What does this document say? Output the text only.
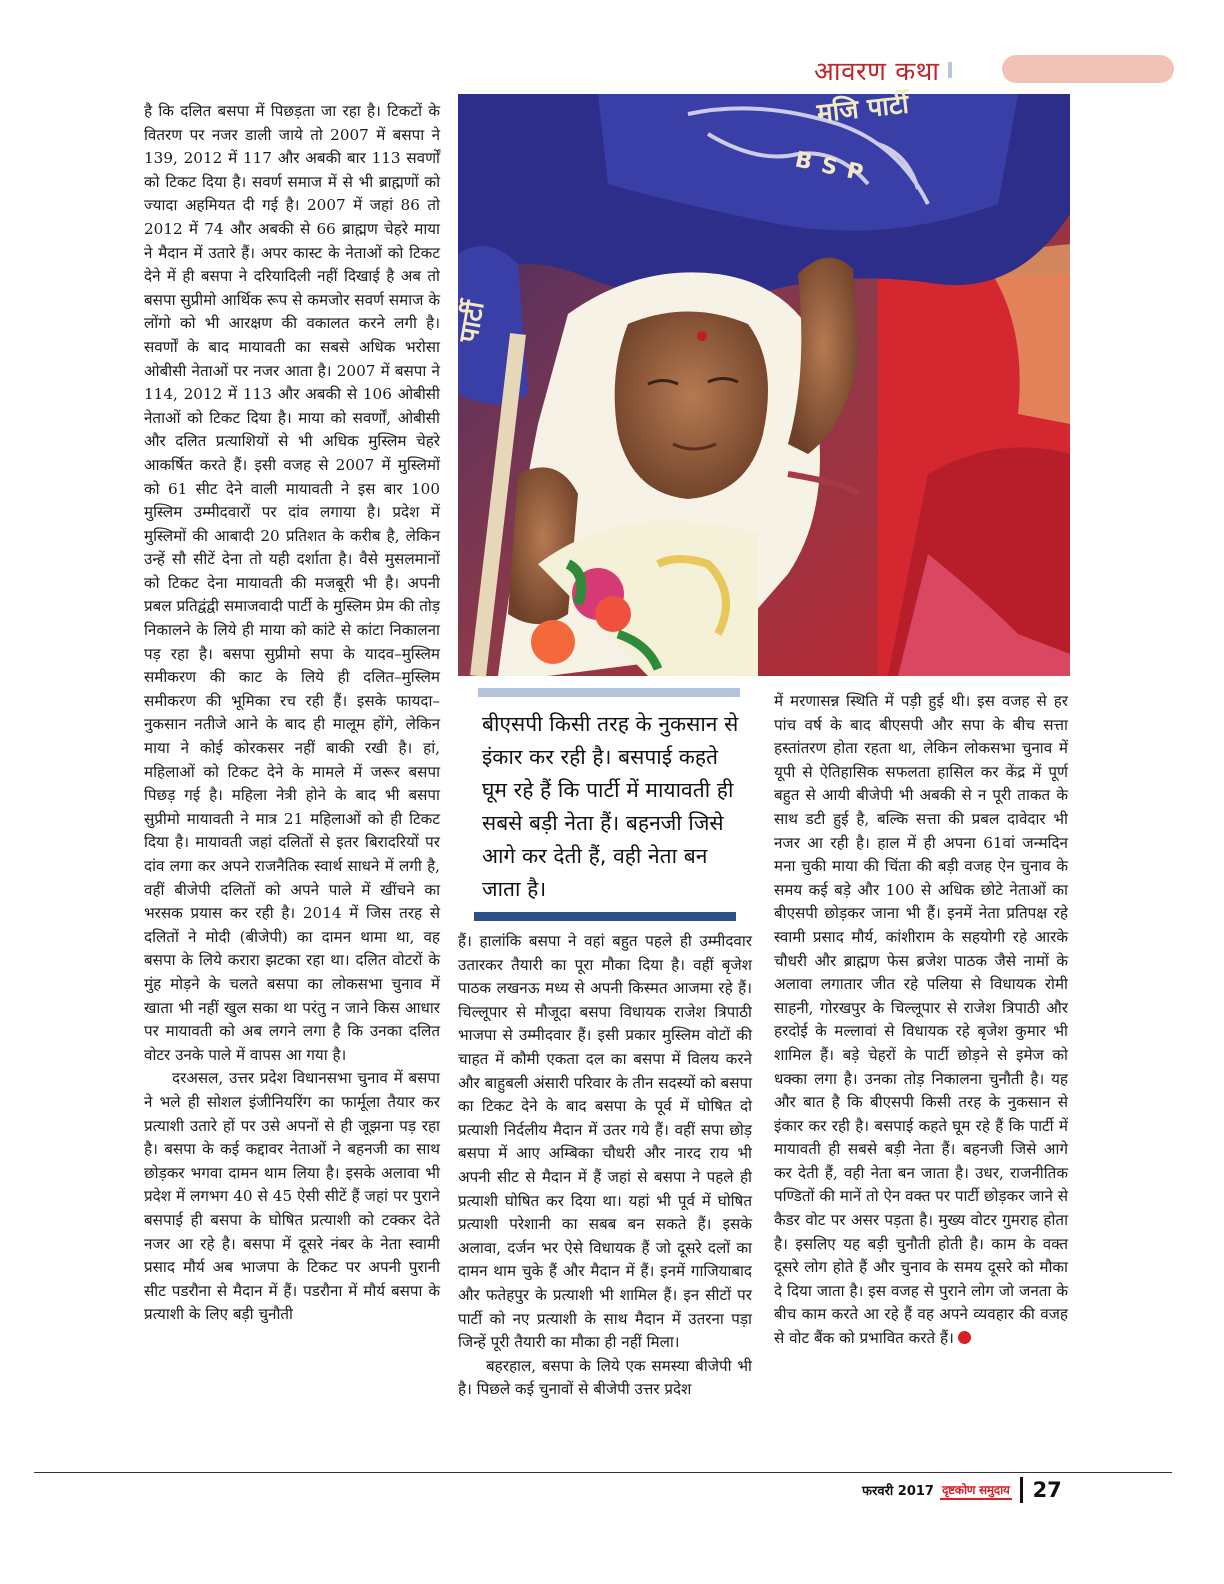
आवरण कथा

है कि दलित बसपा में पिछड़ता जा रहा है। टिकटों के वितरण पर नजर डाली जाये तो 2007 में बसपा ने 139, 2012 में 117 और अबकी बार 113 सवर्णों को टिकट दिया है। सवर्ण समाज में से भी ब्राह्मणों को ज्यादा अहमियत दी गई है। 2007 में जहां 86 तो 2012 में 74 और अबकी से 66 ब्राह्मण चेहरे माया ने मैदान में उतारे हैं। अपर कास्ट के नेताओं को टिकट देने में ही बसपा ने दरियादिली नहीं दिखाई है अब तो बसपा सुप्रीमो आर्थिक रूप से कमजोर सवर्ण समाज के लोंगो को भी आरक्षण की वकालत करने लगी है। सवर्णों के बाद मायावती का सबसे अधिक भरोसा ओबीसी नेताओं पर नजर आता है। 2007 में बसपा ने 114, 2012 में 113 और अबकी से 106 ओबीसी नेताओं को टिकट दिया है। माया को सवर्णों, ओबीसी और दलित प्रत्याशियों से भी अधिक मुस्लिम चेहरे आकर्षित करते हैं। इसी वजह से 2007 में मुस्लिमों को 61 सीट देने वाली मायावती ने इस बार 100 मुस्लिम उम्मीदवारों पर दांव लगाया है। प्रदेश में मुस्लिमों की आबादी 20 प्रतिशत के करीब है, लेकिन उन्हें सौ सीटें देना तो यही दर्शाता है। वैसे मुसलमानों को टिकट देना मायावती की मजबूरी भी है। अपनी प्रबल प्रतिद्वंद्वी समाजवादी पार्टी के मुस्लिम प्रेम की तोड़ निकालने के लिये ही माया को कांटे से कांटा निकालना पड़ रहा है। बसपा सुप्रीमो सपा के यादव–मुस्लिम समीकरण की काट के लिये ही दलित–मुस्लिम समीकरण की भूमिका रच रही हैं। इसके फायदा–नुकसान नतीजे आने के बाद ही मालूम होंगे, लेकिन माया ने कोई कोरकसर नहीं बाकी रखी है। हां, महिलाओं को टिकट देने के मामले में जरूर बसपा पिछड़ गई है। महिला नेत्री होने के बाद भी बसपा सुप्रीमो मायावती ने मात्र 21 महिलाओं को ही टिकट दिया है। मायावती जहां दलितों से इतर बिरादरियों पर दांव लगा कर अपने राजनैतिक स्वार्थ साधने में लगी है, वहीं बीजेपी दलितों को अपने पाले में खींचने का भरसक प्रयास कर रही है। 2014 में जिस तरह से दलितों ने मोदी (बीजेपी) का दामन थामा था, वह बसपा के लिये करारा झटका रहा था। दलित वोटरों के मुंह मोड़ने के चलते बसपा का लोकसभा चुनाव में खाता भी नहीं खुल सका था परंतु न जाने किस आधार पर मायावती को अब लगने लगा है कि उनका दलित वोटर उनके पाले में वापस आ गया है।

दरअसल, उत्तर प्रदेश विधानसभा चुनाव में बसपा ने भले ही सोशल इंजीनियरिंग का फार्मूला तैयार कर प्रत्याशी उतारे हों पर उसे अपनों से ही जूझना पड़ रहा है। बसपा के कई कद्दावर नेताओं ने बहनजी का साथ छोड़कर भगवा दामन थाम लिया है। इसके अलावा भी प्रदेश में लगभग 40 से 45 ऐसी सीटें हैं जहां पर पुराने बसपाई ही बसपा के घोषित प्रत्याशी को टक्कर देते नजर आ रहे है। बसपा में दूसरे नंबर के नेता स्वामी प्रसाद मौर्य अब भाजपा के टिकट पर अपनी पुरानी सीट पडरौना से मैदान में हैं। पडरौना में मौर्य बसपा के प्रत्याशी के लिए बड़ी चुनौती

BSP
मजि पार्टी
पार्टी
बीएसपी किसी तरह के नुकसान से इंकार कर रही है। बसपाई कहते घूम रहे हैं कि पार्टी में मायावती ही सबसे बड़ी नेता हैं। बहनजी जिसे आगे कर देती हैं, वही नेता बन जाता है।

हैं। हालांकि बसपा ने वहां बहुत पहले ही उम्मीदवार उतारकर तैयारी का पूरा मौका दिया है। वहीं बृजेश पाठक लखनऊ मध्य से अपनी किस्मत आजमा रहे हैं। चिल्लूपार से मौजूदा बसपा विधायक राजेश त्रिपाठी भाजपा से उम्मीदवार हैं। इसी प्रकार मुस्लिम वोटों की चाहत में कौमी एकता दल का बसपा में विलय करने और बाहुबली अंसारी परिवार के तीन सदस्यों को बसपा का टिकट देने के बाद बसपा के पूर्व में घोषित दो प्रत्याशी निर्दलीय मैदान में उतर गये हैं। वहीं सपा छोड़ बसपा में आए अम्बिका चौधरी और नारद राय भी अपनी सीट से मैदान में हैं जहां से बसपा ने पहले ही प्रत्याशी घोषित कर दिया था। यहां भी पूर्व में घोषित प्रत्याशी परेशानी का सबब बन सकते हैं। इसके अलावा, दर्जन भर ऐसे विधायक हैं जो दूसरे दलों का दामन थाम चुके हैं और मैदान में हैं। इनमें गाजियाबाद और फतेहपुर के प्रत्याशी भी शामिल हैं। इन सीटों पर पार्टी को नए प्रत्याशी के साथ मैदान में उतरना पड़ा जिन्हें पूरी तैयारी का मौका ही नहीं मिला।

बहरहाल, बसपा के लिये एक समस्या बीजेपी भी है। पिछले कई चुनावों से बीजेपी उत्तर प्रदेश

में मरणासन्न स्थिति में पड़ी हुई थी। इस वजह से हर पांच वर्ष के बाद बीएसपी और सपा के बीच सत्ता हस्तांतरण होता रहता था, लेकिन लोकसभा चुनाव में यूपी से ऐतिहासिक सफलता हासिल कर केंद्र में पूर्ण बहुत से आयी बीजेपी भी अबकी से न पूरी ताकत के साथ डटी हुई है, बल्कि सत्ता की प्रबल दावेदार भी नजर आ रही है। हाल में ही अपना 61वां जन्मदिन मना चुकी माया की चिंता की बड़ी वजह ऐन चुनाव के समय कई बड़े और 100 से अधिक छोटे नेताओं का बीएसपी छोड़कर जाना भी हैं। इनमें नेता प्रतिपक्ष रहे स्वामी प्रसाद मौर्य, कांशीराम के सहयोगी रहे आरके चौधरी और ब्राह्मण फेस ब्रजेश पाठक जैसे नामों के अलावा लगातार जीत रहे पलिया से विधायक रोमी साहनी, गोरखपुर के चिल्लूपार से राजेश त्रिपाठी और हरदोई के मल्लावां से विधायक रहे बृजेश कुमार भी शामिल हैं। बड़े चेहरों के पार्टी छोड़ने से इमेज को धक्का लगा है। उनका तोड़ निकालना चुनौती है। यह और बात है कि बीएसपी किसी तरह के नुकसान से इंकार कर रही है। बसपाई कहते घूम रहे हैं कि पार्टी में मायावती ही सबसे बड़ी नेता हैं। बहनजी जिसे आगे कर देती हैं, वही नेता बन जाता है। उधर, राजनीतिक पण्डितों की मानें तो ऐन वक्त पर पार्टी छोड़कर जाने से कैडर वोट पर असर पड़ता है। मुख्य वोटर गुमराह होता है। इसलिए यह बड़ी चुनौती होती है। काम के वक्त दूसरे लोग होते हैं और चुनाव के समय दूसरे को मौका दे दिया जाता है। इस वजह से पुराने लोग जो जनता के बीच काम करते आ रहे हैं वह अपने व्यवहार की वजह से वोट बैंक को प्रभावित करते हैं।

फरवरी 2017 दृष्टकोण समुदाय 27
